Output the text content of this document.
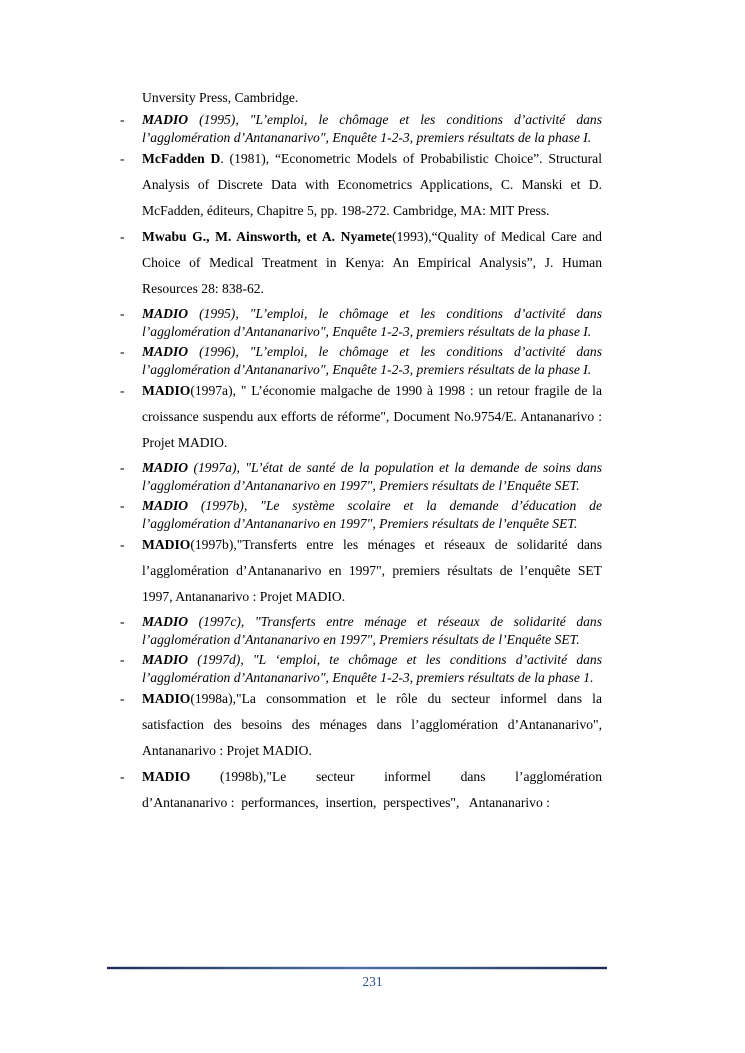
Unversity Press, Cambridge.
- MADIO (1995), "L’emploi, le chômage et les conditions d’activité dans l’agglomération d’Antananarivo", Enquête 1-2-3, premiers résultats de la phase I.
- McFadden D. (1981), “Econometric Models of Probabilistic Choice”. Structural Analysis of Discrete Data with Econometrics Applications, C. Manski et D. McFadden, éditeurs, Chapitre 5, pp. 198-272. Cambridge, MA: MIT Press.
- Mwabu G., M. Ainsworth, et A. Nyamete(1993),“Quality of Medical Care and Choice of Medical Treatment in Kenya: An Empirical Analysis”, J. Human Resources 28: 838-62.
- MADIO (1995), "L’emploi, le chômage et les conditions d’activité dans l’agglomération d’Antananarivo", Enquête 1-2-3, premiers résultats de la phase I.
- MADIO (1996), "L’emploi, le chômage et les conditions d’activité dans l’agglomération d’Antananarivo", Enquête 1-2-3, premiers résultats de la phase I.
- MADIO(1997a), " L’économie malgache de 1990 à 1998 : un retour fragile de la croissance suspendu aux efforts de réforme", Document No.9754/E. Antananarivo : Projet MADIO.
- MADIO (1997a), "L’état de santé de la population et la demande de soins dans l’agglomération d’Antananarivo en 1997", Premiers résultats de l’Enquête SET.
- MADIO (1997b), "Le système scolaire et la demande d’éducation de l’agglomération d’Antananarivo en 1997", Premiers résultats de l’enquête SET.
- MADIO(1997b),"Transferts entre les ménages et réseaux de solidarité dans l’agglomération d’Antananarivo en 1997", premiers résultats de l’enquête SET 1997, Antananarivo : Projet MADIO.
- MADIO (1997c), "Transferts entre ménage et réseaux de solidarité dans l’agglomération d’Antananarivo en 1997", Premiers résultats de l’Enquête SET.
- MADIO (1997d), "L ‘emploi, te chômage et les conditions d’activité dans l’agglomération d’Antananarivo", Enquête 1-2-3, premiers résultats de la phase 1.
- MADIO(1998a),"La consommation et le rôle du secteur informel dans la satisfaction des besoins des ménages dans l’agglomération d’Antananarivo", Antananarivo : Projet MADIO.
- MADIO      (1998b),"Le      secteur      informel      dans      l’agglomération d’Antananarivo :  performances,  insertion,  perspectives",   Antananarivo :
231
